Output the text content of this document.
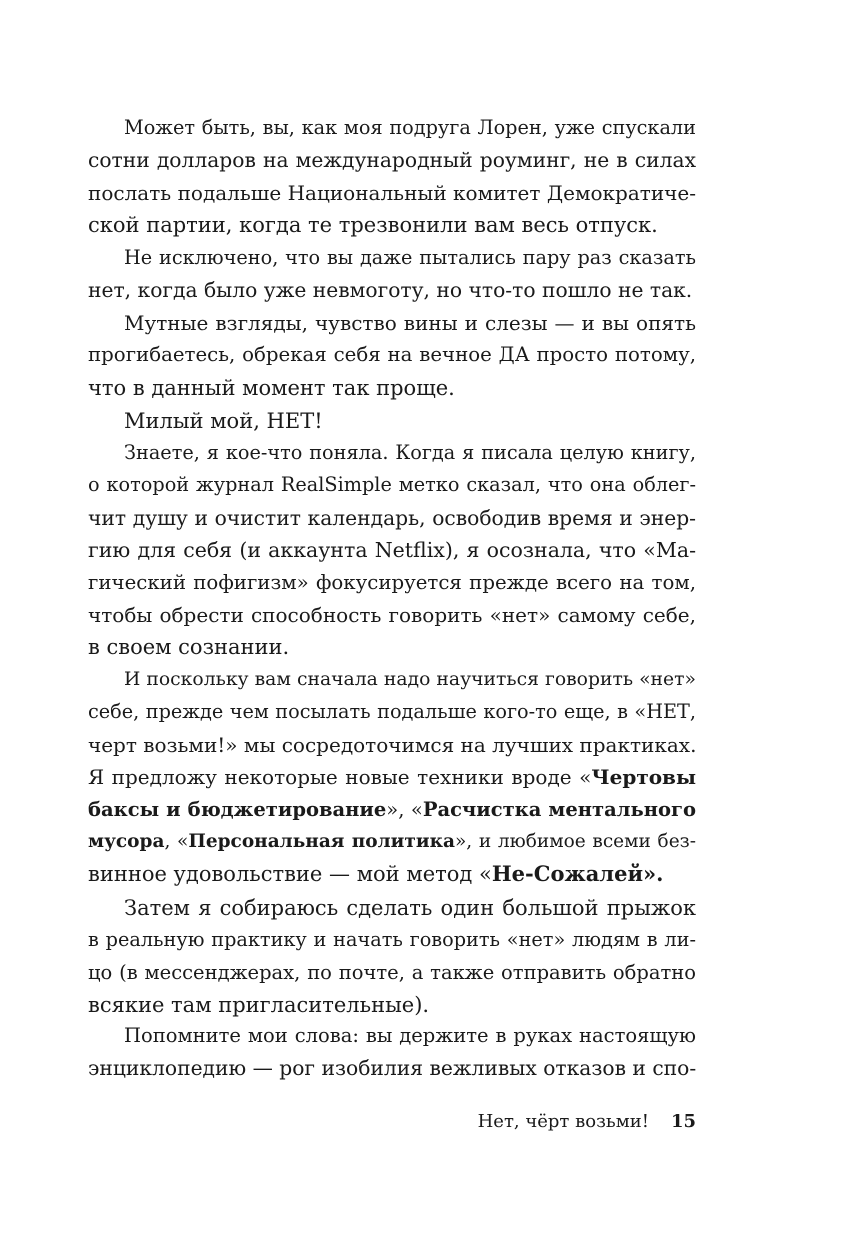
Может быть, вы, как моя подруга Лорен, уже спускали
сотни долларов на международный роуминг, не в силах
послать подальше Национальный комитет Демократиче-
ской партии, когда те трезвонили вам весь отпуск.
Не исключено, что вы даже пытались пару раз сказать
нет, когда было уже невмоготу, но что-то пошло не так.
Мутные взгляды, чувство вины и слезы — и вы опять
прогибаетесь, обрекая себя на вечное ДА просто потому,
что в данный момент так проще.
Милый мой, НЕТ!
Знаете, я кое-что поняла. Когда я писала целую книгу,
о которой журнал RealSimple метко сказал, что она облег-
чит душу и очистит календарь, освободив время и энер-
гию для себя (и аккаунта Netflix), я осознала, что «Ма-
гический пофигизм» фокусируется прежде всего на том,
чтобы обрести способность говорить «нет» самому себе,
в своем сознании.
И поскольку вам сначала надо научиться говорить «нет»
себе, прежде чем посылать подальше кого-то еще, в «НЕТ,
черт возьми!» мы сосредоточимся на лучших практиках.
Я предложу некоторые новые техники вроде «Чертовы
баксы и бюджетирование», «Расчистка ментального
мусора, «Персональная политика», и любимое всеми без-
винное удовольствие — мой метод «Не-Сожалей».
Затем я собираюсь сделать один большой прыжок
в реальную практику и начать говорить «нет» людям в ли-
цо (в мессенджерах, по почте, а также отправить обратно
всякие там пригласительные).
Попомните мои слова: вы держите в руках настоящую
энциклопедию — рог изобилия вежливых отказов и спо-
Нет, чёрт возьми! 15
